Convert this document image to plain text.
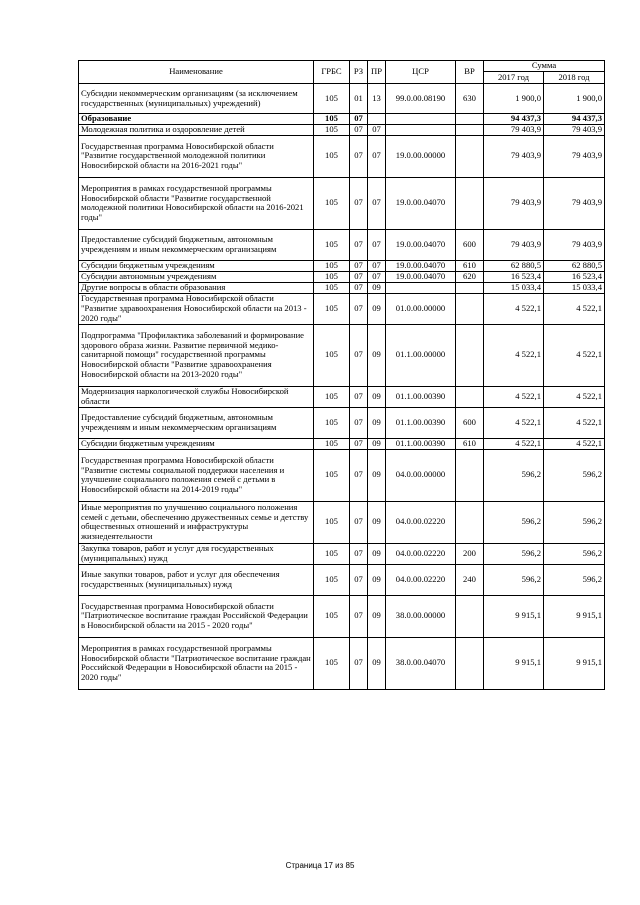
Наименование	ГРБС	РЗ	ПР	ЦСР	ВР	Сумма	
						2017 год	2018 год
Субсидии некоммерческим организациям (за исключением государственных (муниципальных) учреждений)	105	01	13	99.0.00.08190	630	1 900,0	1 900,0
Образование	105	07				94 437,3	94 437,3
Молодежная политика и оздоровление детей	105	07	07			79 403,9	79 403,9
Государственная программа Новосибирской области "Развитие государственной молодежной политики Новосибирской области на 2016-2021 годы"	105	07	07	19.0.00.00000		79 403,9	79 403,9
Мероприятия в рамках государственной программы Новосибирской области "Развитие государственной молодежной политики Новосибирской области на 2016-2021 годы"	105	07	07	19.0.00.04070		79 403,9	79 403,9
Предоставление субсидий бюджетным, автономным учреждениям и иным некоммерческим организациям	105	07	07	19.0.00.04070	600	79 403,9	79 403,9
Субсидии бюджетным учреждениям	105	07	07	19.0.00.04070	610	62 880,5	62 880,5
Субсидии автономным учреждениям	105	07	07	19.0.00.04070	620	16 523,4	16 523,4
Другие вопросы в области образования	105	07	09			15 033,4	15 033,4
Государственная программа Новосибирской области "Развитие здравоохранения Новосибирской области на 2013 - 2020 годы"	105	07	09	01.0.00.00000		4 522,1	4 522,1
Подпрограмма "Профилактика заболеваний и формирование здорового образа жизни. Развитие первичной медико-санитарной помощи" государственной программы Новосибирской области "Развитие здравоохранения Новосибирской области на 2013-2020 годы"	105	07	09	01.1.00.00000		4 522,1	4 522,1
Модернизация наркологической службы Новосибирской области	105	07	09	01.1.00.00390		4 522,1	4 522,1
Предоставление субсидий бюджетным, автономным учреждениям и иным некоммерческим организациям	105	07	09	01.1.00.00390	600	4 522,1	4 522,1
Субсидии бюджетным учреждениям	105	07	09	01.1.00.00390	610	4 522,1	4 522,1
Государственная программа Новосибирской области "Развитие системы социальной поддержки населения и улучшение социального положения семей с детьми в Новосибирской области на 2014-2019 годы"	105	07	09	04.0.00.00000		596,2	596,2
Иные мероприятия по улучшению социального положения семей с детьми, обеспечению дружественных семье и детству общественных отношений и инфраструктуры жизнедеятельности	105	07	09	04.0.00.02220		596,2	596,2
Закупка товаров, работ и услуг для государственных (муниципальных) нужд	105	07	09	04.0.00.02220	200	596,2	596,2
Иные закупки товаров, работ и услуг для обеспечения государственных (муниципальных) нужд	105	07	09	04.0.00.02220	240	596,2	596,2
Государственная программа Новосибирской области "Патриотическое воспитание граждан Российской Федерации в Новосибирской области на 2015 - 2020 годы"	105	07	09	38.0.00.00000		9 915,1	9 915,1
Мероприятия в рамках государственной программы Новосибирской области "Патриотическое воспитание граждан Российской Федерации в Новосибирской области на 2015 - 2020 годы"	105	07	09	38.0.00.04070		9 915,1	9 915,1
Страница 17 из 85
